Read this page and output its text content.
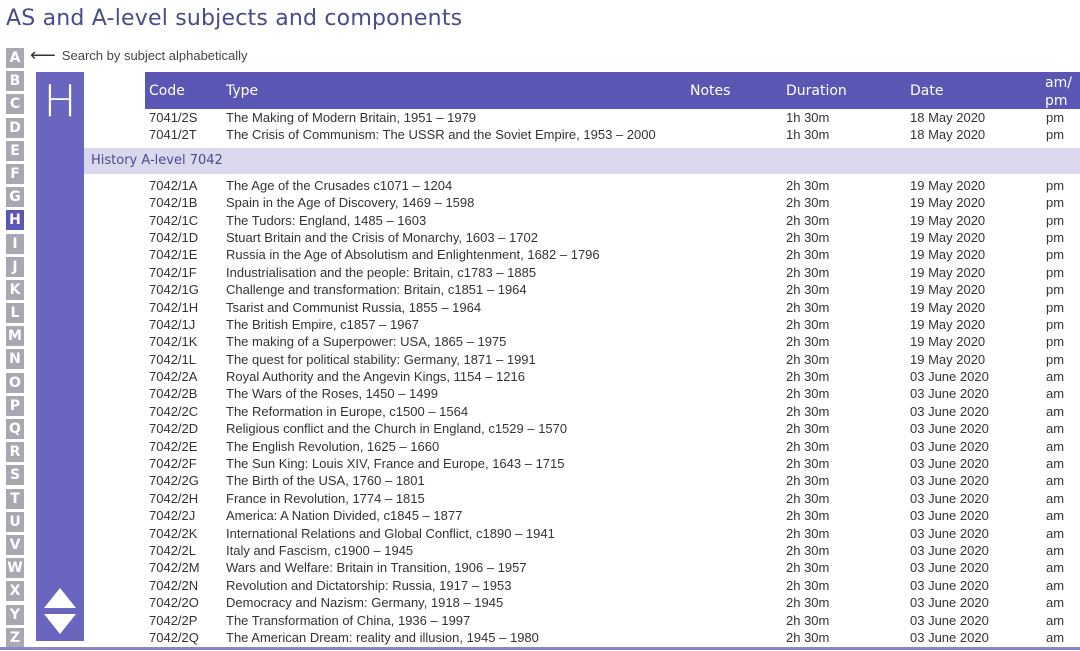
AS and A-level subjects and components
⟵ Search by subject alphabetically
A
B
C
D
E
F
G
H
I
J
K
L
M
N
O
P
Q
R
S
T
U
V
W
X
Y
Z
H	Code	Type	Notes	Duration	Date	am/ pm
7041/2S The Making of Modern Britain, 1951 – 1979	1h 30m	18 May 2020	pm
7041/2T The Crisis of Communism: The USSR and the Soviet Empire, 1953 – 2000	1h 30m	18 May 2020	pm
History A-level 7042
7042/1A The Age of the Crusades c1071 – 1204	2h 30m	19 May 2020	pm
7042/1B Spain in the Age of Discovery, 1469 – 1598	2h 30m	19 May 2020	pm
7042/1C The Tudors: England, 1485 – 1603	2h 30m	19 May 2020	pm
7042/1D Stuart Britain and the Crisis of Monarchy, 1603 – 1702	2h 30m	19 May 2020	pm
7042/1E Russia in the Age of Absolutism and Enlightenment, 1682 – 1796	2h 30m	19 May 2020	pm
7042/1F Industrialisation and the people: Britain, c1783 – 1885	2h 30m	19 May 2020	pm
7042/1G Challenge and transformation: Britain, c1851 – 1964	2h 30m	19 May 2020	pm
7042/1H Tsarist and Communist Russia, 1855 – 1964	2h 30m	19 May 2020	pm
7042/1J The British Empire, c1857 – 1967	2h 30m	19 May 2020	pm
7042/1K The making of a Superpower: USA, 1865 – 1975	2h 30m	19 May 2020	pm
7042/1L The quest for political stability: Germany, 1871 – 1991	2h 30m	19 May 2020	pm
7042/2A Royal Authority and the Angevin Kings, 1154 – 1216	2h 30m	03 June 2020	am
7042/2B The Wars of the Roses, 1450 – 1499	2h 30m	03 June 2020	am
7042/2C The Reformation in Europe, c1500 – 1564	2h 30m	03 June 2020	am
7042/2D Religious conflict and the Church in England, c1529 – 1570	2h 30m	03 June 2020	am
7042/2E The English Revolution, 1625 – 1660	2h 30m	03 June 2020	am
7042/2F The Sun King: Louis XIV, France and Europe, 1643 – 1715	2h 30m	03 June 2020	am
7042/2G The Birth of the USA, 1760 – 1801	2h 30m	03 June 2020	am
7042/2H France in Revolution, 1774 – 1815	2h 30m	03 June 2020	am
7042/2J America: A Nation Divided, c1845 – 1877	2h 30m	03 June 2020	am
7042/2K International Relations and Global Conflict, c1890 – 1941	2h 30m	03 June 2020	am
7042/2L Italy and Fascism, c1900 – 1945	2h 30m	03 June 2020	am
7042/2M Wars and Welfare: Britain in Transition, 1906 – 1957	2h 30m	03 June 2020	am
7042/2N Revolution and Dictatorship: Russia, 1917 – 1953	2h 30m	03 June 2020	am
7042/2O Democracy and Nazism: Germany, 1918 – 1945	2h 30m	03 June 2020	am
7042/2P The Transformation of China, 1936 – 1997	2h 30m	03 June 2020	am
7042/2Q The American Dream: reality and illusion, 1945 – 1980	2h 30m	03 June 2020	am
